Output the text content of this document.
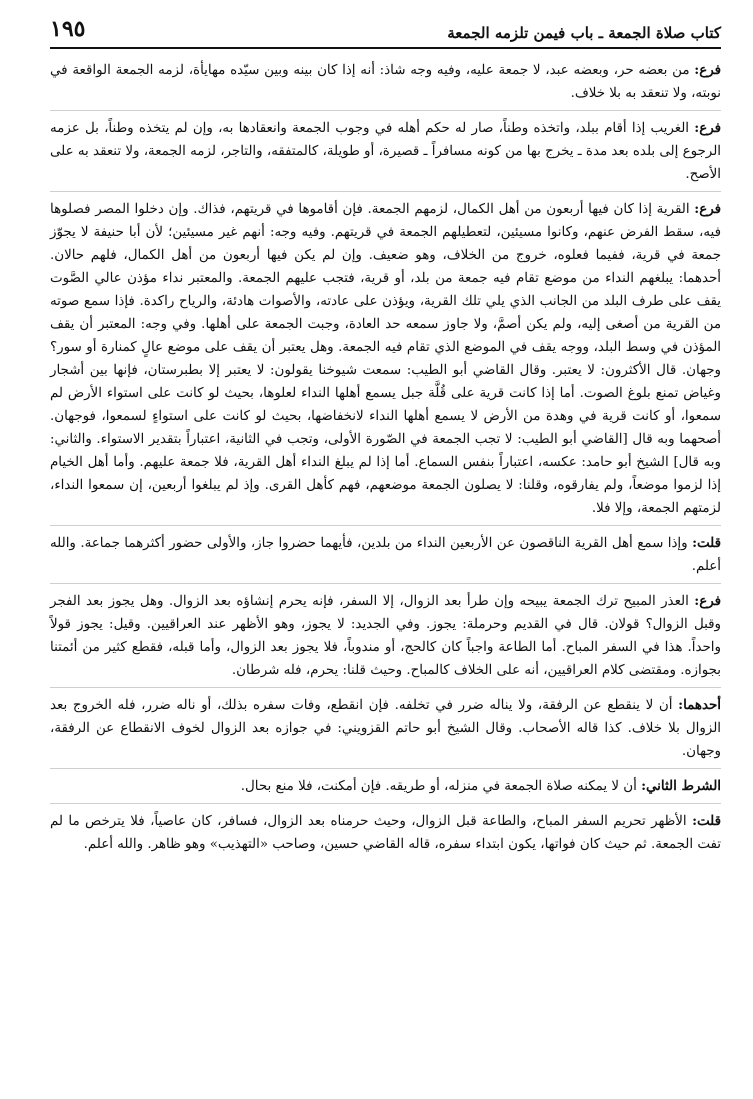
كتاب صلاة الجمعة ـ باب فيمن تلزمه الجمعة
١٩٥

فرع: من بعضه حر، وبعضه عبد، لا جمعة عليه، وفيه وجه شاذ: أنه إذا كان بينه وبين سيّده مهايأة، لزمه الجمعة الواقعة في نوبته، ولا تنعقد به بلا خلاف.

فرع: الغريب إذا أقام ببلد، واتخذه وطناً، صار له حكم أهله في وجوب الجمعة وانعقادها به، وإن لم يتخذه وطناً، بل عزمه الرجوع إلى بلده بعد مدة ـ يخرج بها من كونه مسافراً ـ قصيرة، أو طويلة، كالمتفقه، والتاجر، لزمه الجمعة، ولا تنعقد به على الأصح.

فرع: القرية إذا كان فيها أربعون من أهل الكمال، لزمهم الجمعة. فإن أقاموها في قريتهم، فذاك. وإن دخلوا المصر فصلوها فيه، سقط الفرض عنهم، وكانوا مسيئين، لتعطيلهم الجمعة في قريتهم. وفيه وجه: أنهم غير مسيئين؛ لأن أبا حنيفة لا يجوّز جمعة في قرية، ففيما فعلوه، خروج من الخلاف، وهو ضعيف. وإن لم يكن فيها أربعون من أهل الكمال، فلهم حالان. أحدهما: يبلغهم النداء من موضع تقام فيه جمعة من بلد، أو قرية، فتجب عليهم الجمعة. والمعتبر نداء مؤذن عالي الصَّوت يقف على طرف البلد من الجانب الذي يلي تلك القرية، ويؤذن على عادته، والأصوات هادئة، والرياح راكدة. فإذا سمع صوته من القرية من أصغى إليه، ولم يكن أصمَّ، ولا جاوز سمعه حد العادة، وجبت الجمعة على أهلها. وفي وجه: المعتبر أن يقف المؤذن في وسط البلد، ووجه يقف في الموضع الذي تقام فيه الجمعة. وهل يعتبر أن يقف على موضع عالٍ كمنارة أو سور؟ وجهان. قال الأكثرون: لا يعتبر. وقال القاضي أبو الطيب: سمعت شيوخنا يقولون: لا يعتبر إلا بطبرستان، فإنها بين أشجار وغياض تمنع بلوغ الصوت. أما إذا كانت قرية على قُلَّة جبل يسمع أهلها النداء لعلوها، بحيث لو كانت على استواء الأرض لم سمعوا، أو كانت قرية في وهدة من الأرض لا يسمع أهلها النداء لانخفاضها، بحيث لو كانت على استواءٍ لسمعوا، فوجهان. أصحهما وبه قال [القاضي أبو الطيب: لا تجب الجمعة في الصّورة الأولى، وتجب في الثانية، اعتباراً بتقدير الاستواء. والثاني: وبه قال] الشيخ أبو حامد: عكسه، اعتباراً بنفس السماع. أما إذا لم يبلغ النداء أهل القرية، فلا جمعة عليهم. وأما أهل الخيام إذا لزموا موضعاً، ولم يفارقوه، وقلنا: لا يصلون الجمعة موضعهم، فهم كأهل القرى. وإذ لم يبلغوا أربعين، إن سمعوا النداء، لزمتهم الجمعة، وإلا فلا.

قلت: وإذا سمع أهل القرية الناقصون عن الأربعين النداء من بلدين، فأيهما حضروا جاز، والأولى حضور أكثرهما جماعة. والله أعلم.

فرع: العذر المبيح ترك الجمعة يبيحه وإن طرأ بعد الزوال، إلا السفر، فإنه يحرم إنشاؤه بعد الزوال. وهل يجوز بعد الفجر وقبل الزوال؟ قولان. قال في القديم وحرملة: يجوز. وفي الجديد: لا يجوز، وهو الأظهر عند العراقيين. وقيل: يجوز قولاً واحداً. هذا في السفر المباح. أما الطاعة واجباً كان كالحج، أو مندوباً، فلا يجوز بعد الزوال، وأما قبله، فقطع كثير من أئمتنا بجوازه. ومقتضى كلام العراقيين، أنه على الخلاف كالمباح. وحيث قلنا: يحرم، فله شرطان.

أحدهما: أن لا ينقطع عن الرفقة، ولا يناله ضرر في تخلفه. فإن انقطع، وفات سفره بذلك، أو ناله ضرر، فله الخروج بعد الزوال بلا خلاف. كذا قاله الأصحاب. وقال الشيخ أبو حاتم القزويني: في جوازه بعد الزوال لخوف الانقطاع عن الرفقة، وجهان.

الشرط الثاني: أن لا يمكنه صلاة الجمعة في منزله، أو طريقه. فإن أمكنت، فلا منع بحال.

قلت: الأظهر تحريم السفر المباح، والطاعة قبل الزوال، وحيث حرمناه بعد الزوال، فسافر، كان عاصياً، فلا يترخص ما لم تفت الجمعة. ثم حيث كان فواتها، يكون ابتداء سفره، قاله القاضي حسين، وصاحب «التهذيب» وهو ظاهر. والله أعلم.
